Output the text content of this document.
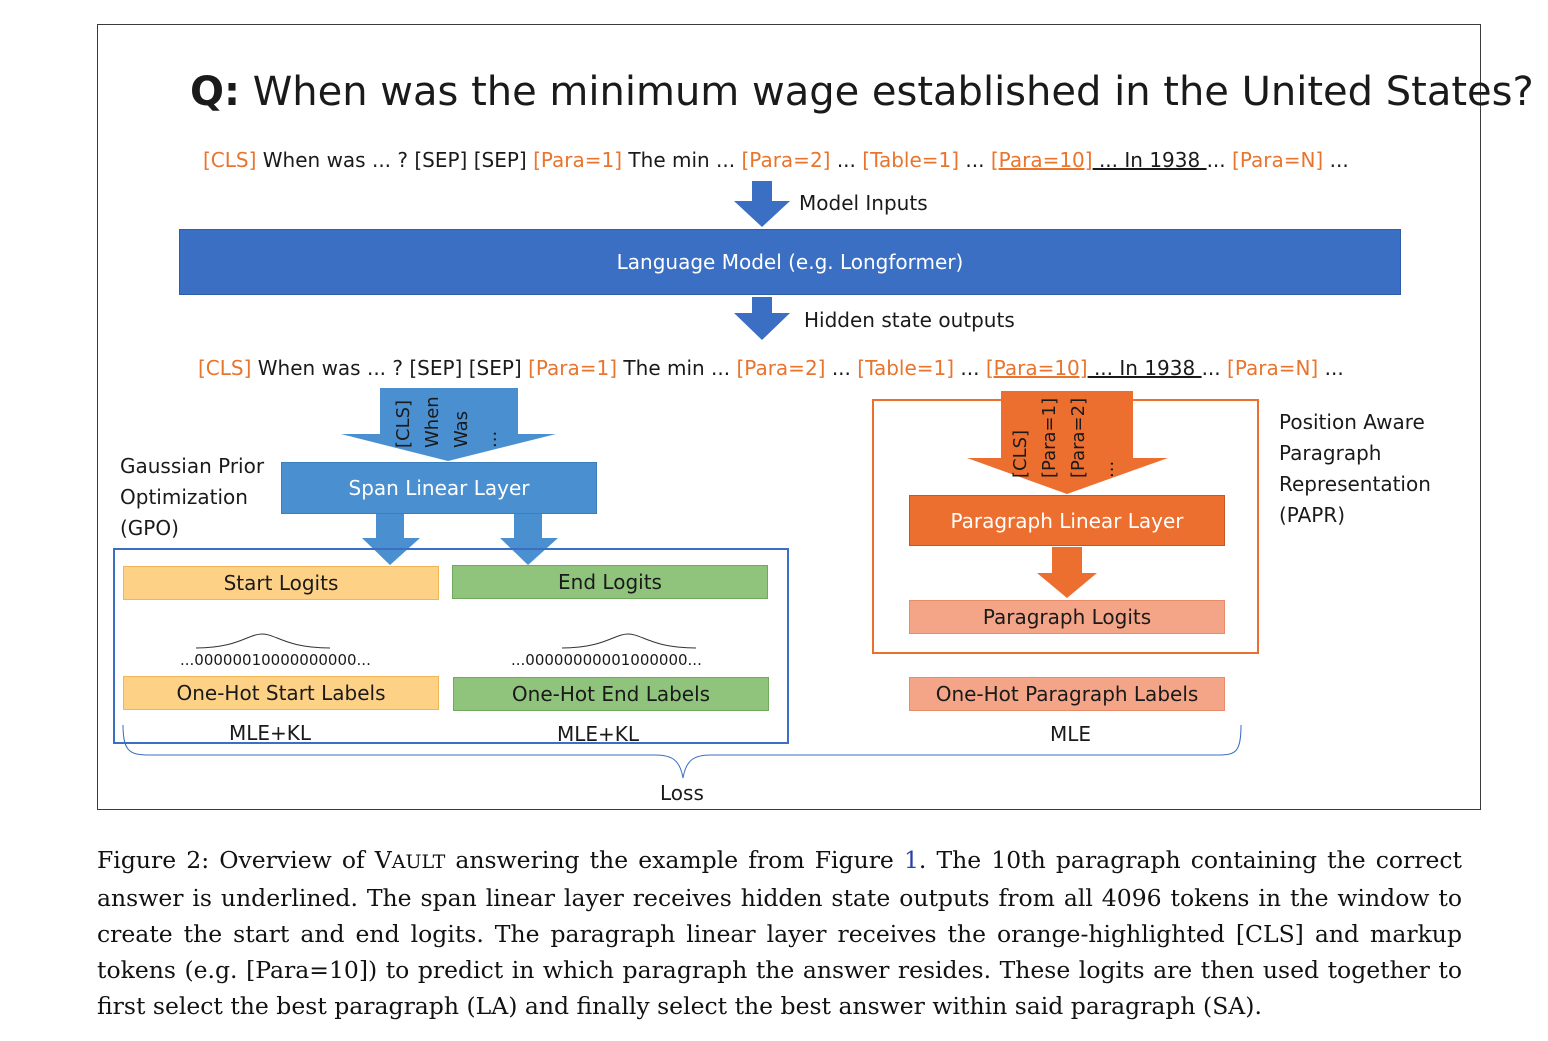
Q: When was the minimum wage established in the United States?
[CLS] When was ... ? [SEP] [SEP] [Para=1] The min ... [Para=2] ... [Table=1] ... [Para=10] ... In 1938 ... [Para=N] ...
[CLS] When was ... ? [SEP] [SEP] [Para=1] The min ... [Para=2] ... [Table=1] ... [Para=10] ... In 1938 ... [Para=N] ...
[CLS] When Was ...	[CLS] [Para=1] [Para=2] ...
Model Inputs
Hidden state outputs
Gaussian Prior
Optimization
(GPO)
Position Aware
Paragraph
Representation
(PAPR)
Language Model (e.g. Longformer)
Span Linear Layer
Start Logits	End Logits
...00000010000000000...	...00000000001000000...
One-Hot Start Labels	One-Hot End Labels
Paragraph Linear Layer
Paragraph Logits
One-Hot Paragraph Labels
MLE+KL	MLE+KL	MLE
Loss
Figure 2: Overview of VAULT answering the example from Figure 1. The 10th paragraph containing the correct answer is underlined. The span linear layer receives hidden state outputs from all 4096 tokens in the window to create the start and end logits. The paragraph linear layer receives the orange-highlighted [CLS] and markup tokens (e.g. [Para=10]) to predict in which paragraph the answer resides. These logits are then used together to first select the best paragraph (LA) and finally select the best answer within said paragraph (SA).
